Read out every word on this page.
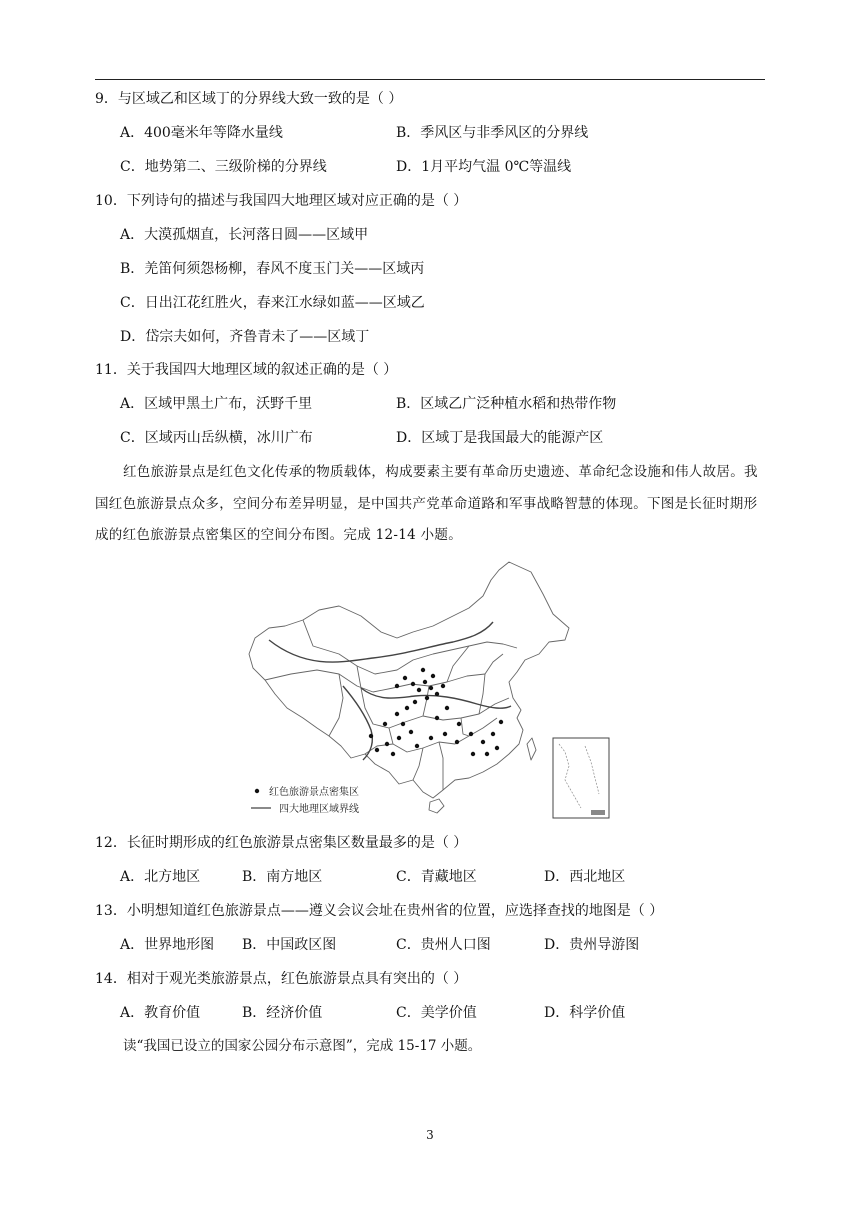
9．与区域乙和区域丁的分界线大致一致的是（ ）
A．400毫米年等降水量线	B．季风区与非季风区的分界线
C．地势第二、三级阶梯的分界线	D．1月平均气温 0℃等温线
10．下列诗句的描述与我国四大地理区域对应正确的是（ ）
A．大漠孤烟直，长河落日圆——区域甲
B．羌笛何须怨杨柳，春风不度玉门关——区域丙
C．日出江花红胜火，春来江水绿如蓝——区域乙
D．岱宗夫如何，齐鲁青未了——区域丁
11．关于我国四大地理区域的叙述正确的是（ ）
A．区域甲黑土广布，沃野千里	B．区域乙广泛种植水稻和热带作物
C．区域丙山岳纵横，冰川广布	D．区域丁是我国最大的能源产区
红色旅游景点是红色文化传承的物质载体，构成要素主要有革命历史遗迹、革命纪念设施和伟人故居。我国红色旅游景点众多，空间分布差异明显，是中国共产党革命道路和军事战略智慧的体现。下图是长征时期形成的红色旅游景点密集区的空间分布图。完成 12-14 小题。
红色旅游景点密集区
四大地理区域界线
12．长征时期形成的红色旅游景点密集区数量最多的是（ ）
A．北方地区	B．南方地区	C．青藏地区	D．西北地区
13．小明想知道红色旅游景点——遵义会议会址在贵州省的位置，应选择查找的地图是（ ）
A．世界地形图 B．中国政区图	C．贵州人口图	D．贵州导游图
14．相对于观光类旅游景点，红色旅游景点具有突出的（ ）
A．教育价值	B．经济价值	C．美学价值	D．科学价值
读“我国已设立的国家公园分布示意图”，完成 15-17 小题。
3
